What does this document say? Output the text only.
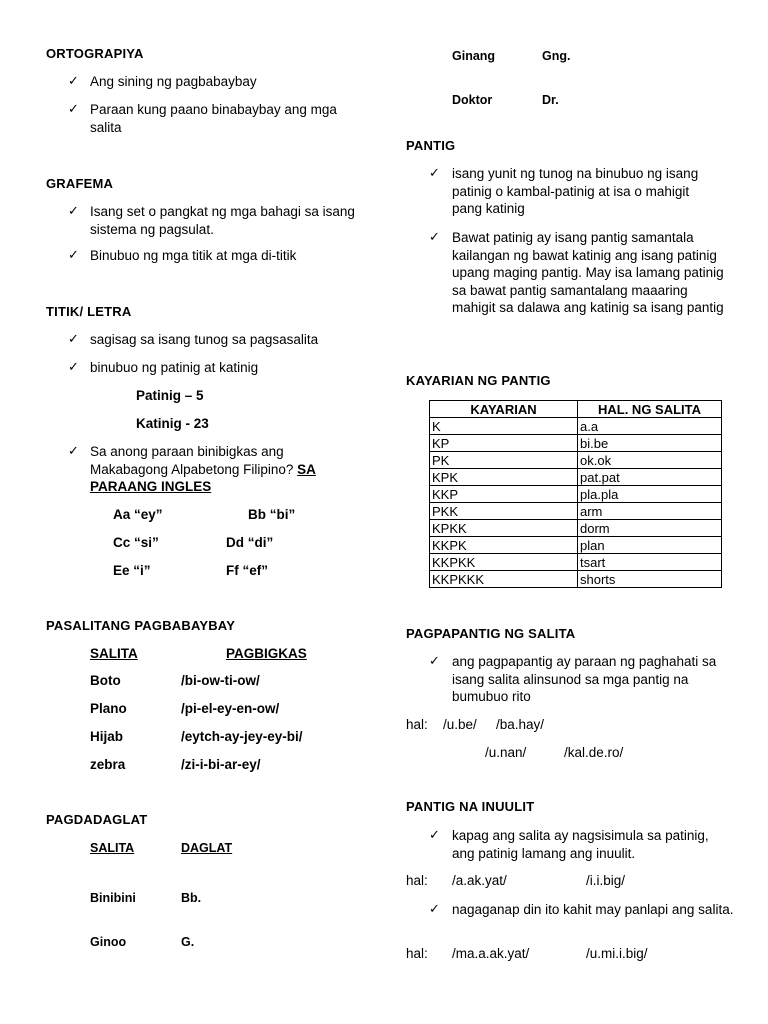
ORTOGRAPIYA
✓ Ang sining ng pagbabaybay
✓ Paraan kung paano binabaybay ang mga salita
GRAFEMA
✓ Isang set o pangkat ng mga bahagi sa isang sistema ng pagsulat.
✓ Binubuo ng mga titik at mga di-titik
TITIK/ LETRA
✓ sagisag sa isang tunog sa pagsasalita
✓ binubuo ng patinig at katinig
Patinig – 5
Katinig - 23
✓ Sa anong paraan binibigkas ang Makabagong Alpabetong Filipino? SA
PARAANG INGLES
Aa “ey”	Bb “bi”
Cc “si”	Dd “di”
Ee “i”	Ff “ef”
PASALITANG PAGBABAYBAY
SALITA	PAGBIGKAS
Boto	/bi-ow-ti-ow/
Plano	/pi-el-ey-en-ow/
Hijab	/eytch-ay-jey-ey-bi/
zebra	/zi-i-bi-ar-ey/
PAGDADAGLAT
SALITA	DAGLAT
Binibini	Bb.
Ginoo	G.
Ginang	Gng.
Doktor	Dr.
PANTIG
✓ isang yunit ng tunog na binubuo ng isang patinig o kambal-patinig at isa o mahigit pang katinig
✓ Bawat patinig ay isang pantig samantala kailangan ng bawat katinig ang isang patinig upang maging pantig. May isa lamang patinig sa bawat pantig samantalang maaaring mahigit sa dalawa ang katinig sa isang pantig
KAYARIAN NG PANTIG
KAYARIAN	HAL. NG SALITA
K	a.a
KP	bi.be
PK	ok.ok
KPK	pat.pat
KKP	pla.pla
PKK	arm
KPKK	dorm
KKPK	plan
KKPKK	tsart
KKPKKK	shorts
PAGPAPANTIG NG SALITA
✓ ang pagpapantig ay paraan ng paghahati sa isang salita alinsunod sa mga pantig na bumubuo rito
hal: /u.be/ /ba.hay/
/u.nan/	/kal.de.ro/
PANTIG NA INUULIT
✓ kapag ang salita ay nagsisimula sa patinig, ang patinig lamang ang inuulit.
hal: /a.ak.yat/	/i.i.big/
✓ nagaganap din ito kahit may panlapi ang salita.
hal: /ma.a.ak.yat/	/u.mi.i.big/
